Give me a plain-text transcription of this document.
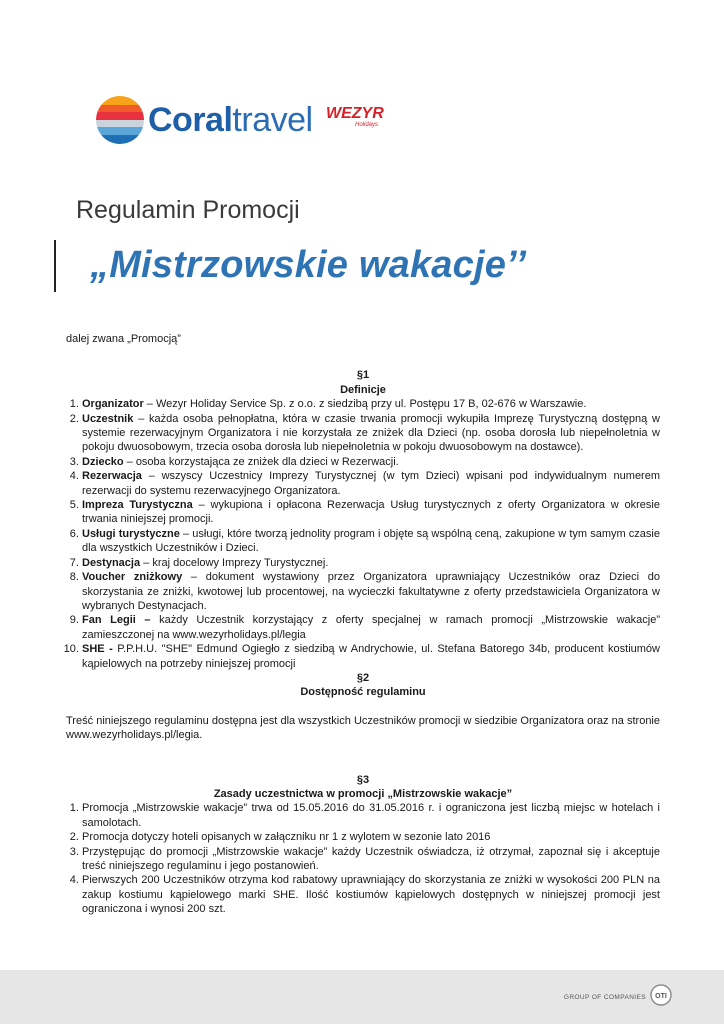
Coraltravel WEZYR
Holidays
Regulamin Promocji
„Mistrzowskie wakacje’’

dalej zwana „Promocją”

§1

Definicje

1. Organizator – Wezyr Holiday Service Sp. z o.o. z siedzibą przy ul. Postępu 17 B, 02-676 w Warszawie.
2. Uczestnik – każda osoba pełnopłatna, która w czasie trwania promocji wykupiła Imprezę Turystyczną dostępną w systemie rezerwacyjnym Organizatora i nie korzystała ze zniżek dla Dzieci (np. osoba dorosła lub niepełnoletnia w pokoju dwuosobowym, trzecia osoba dorosła lub niepełnoletnia w pokoju dwuosobowym na dostawce).
3. Dziecko – osoba korzystająca ze zniżek dla dzieci w Rezerwacji.
4. Rezerwacja – wszyscy Uczestnicy Imprezy Turystycznej (w tym Dzieci) wpisani pod indywidualnym numerem rezerwacji do systemu rezerwacyjnego Organizatora.
5. Impreza Turystyczna – wykupiona i opłacona Rezerwacja Usług turystycznych z oferty Organizatora w okresie trwania niniejszej promocji.
6. Usługi turystyczne – usługi, które tworzą jednolity program i objęte są wspólną ceną, zakupione w tym samym czasie dla wszystkich Uczestników i Dzieci.
7. Destynacja – kraj docelowy Imprezy Turystycznej.
8. Voucher zniżkowy – dokument wystawiony przez Organizatora uprawniający Uczestników oraz Dzieci do skorzystania ze zniżki, kwotowej lub procentowej, na wycieczki fakultatywne z oferty przedstawiciela Organizatora w wybranych Destynacjach.
9. Fan Legii – każdy Uczestnik korzystający z oferty specjalnej w ramach promocji „Mistrzowskie wakacje” zamieszczonej na www.wezyrholidays.pl/legia
10. SHE - P.P.H.U. "SHE" Edmund Ogiegło z siedzibą w Andrychowie, ul. Stefana Batorego 34b, producent kostiumów kąpielowych na potrzeby niniejszej promocji

§2

Dostępność regulaminu

Treść niniejszego regulaminu dostępna jest dla wszystkich Uczestników promocji w siedzibie Organizatora oraz na stronie www.wezyrholidays.pl/legia.

§3

Zasady uczestnictwa w promocji „Mistrzowskie wakacje”

1. Promocja „Mistrzowskie wakacje” trwa od 15.05.2016 do 31.05.2016 r. i ograniczona jest liczbą miejsc w hotelach i samolotach.
2. Promocja dotyczy hoteli opisanych w załączniku nr 1 z wylotem w sezonie lato 2016
3. Przystępując do promocji „Mistrzowskie wakacje” każdy Uczestnik oświadcza, iż otrzymał, zapoznał się i akceptuje treść niniejszego regulaminu i jego postanowień.
4. Pierwszych 200 Uczestników otrzyma kod rabatowy uprawniający do skorzystania ze zniżki w wysokości 200 PLN na zakup kostiumu kąpielowego marki SHE. Ilość kostiumów kąpielowych dostępnych w niniejszej promocji jest ograniczona i wynosi 200 szt.
GROUP OF COMPANIES OTI
